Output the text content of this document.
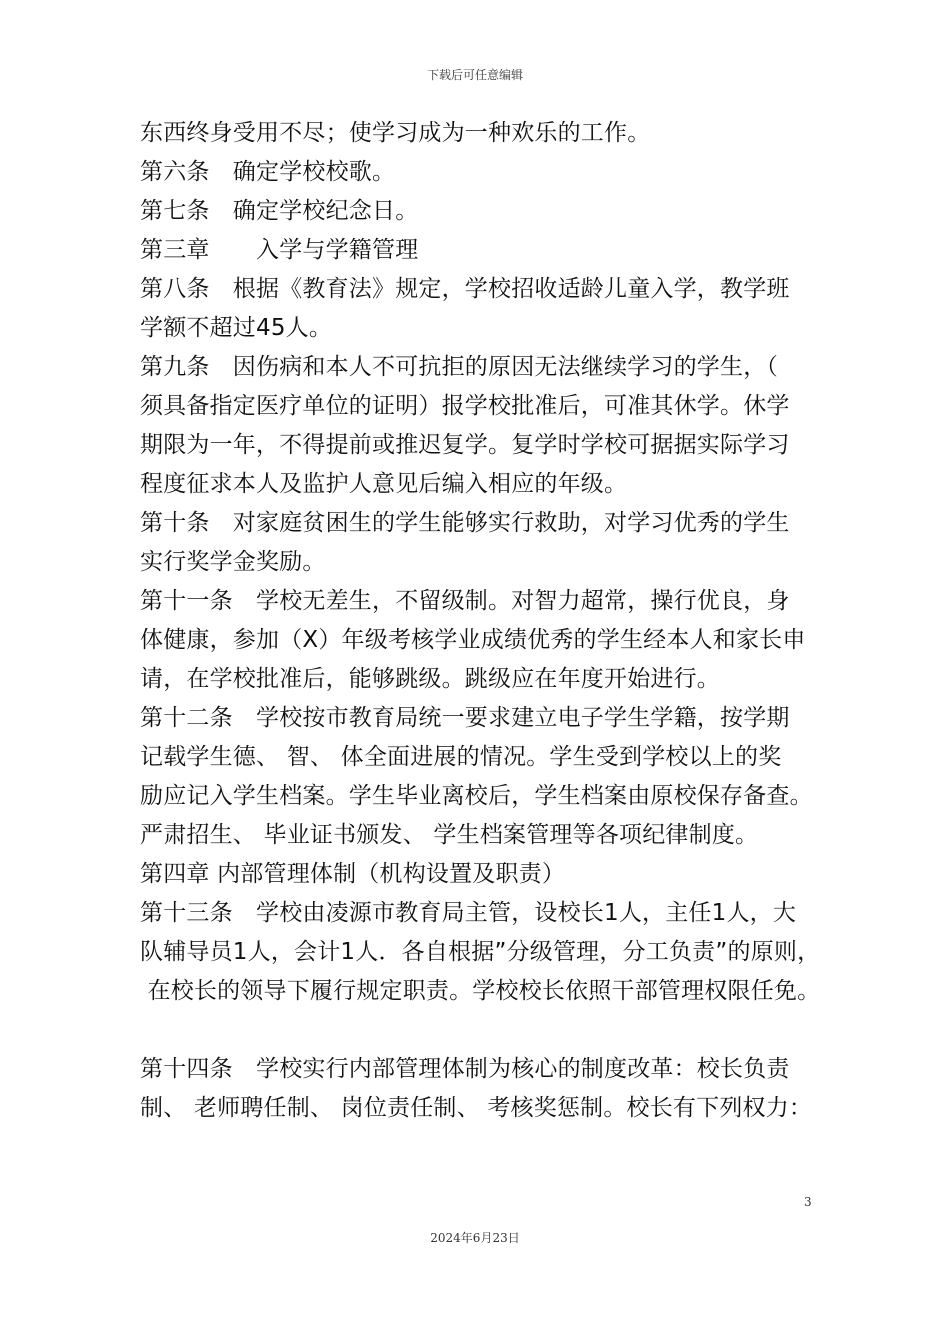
下载后可任意编辑
东西终身受用不尽；使学习成为一种欢乐的工作。
第六条　确定学校校歌。
第七条　确定学校纪念日。
第三章　　入学与学籍管理
第八条　根据《教育法》规定，学校招收适龄儿童入学，教学班
学额不超过45人。
第九条　因伤病和本人不可抗拒的原因无法继续学习的学生，（
须具备指定医疗单位的证明）报学校批准后，可准其休学。休学
期限为一年，不得提前或推迟复学。复学时学校可据据实际学习
程度征求本人及监护人意见后编入相应的年级。
第十条　对家庭贫困生的学生能够实行救助，对学习优秀的学生
实行奖学金奖励。
第十一条　学校无差生，不留级制。对智力超常，操行优良，身
体健康，参加（X）年级考核学业成绩优秀的学生经本人和家长申
请，在学校批准后，能够跳级。跳级应在年度开始进行。
第十二条　学校按市教育局统一要求建立电子学生学籍，按学期
记载学生德、 智、 体全面进展的情况。学生受到学校以上的奖
励应记入学生档案。学生毕业离校后，学生档案由原校保存备查。
严肃招生、 毕业证书颁发、 学生档案管理等各项纪律制度。
第四章 内部管理体制（机构设置及职责）
第十三条　学校由凌源市教育局主管，设校长1人，主任1人，大
队辅导员1人，会计1人．各自根据”分级管理，分工负责”的原则，
在校长的领导下履行规定职责。学校校长依照干部管理权限任免。
第十四条　学校实行内部管理体制为核心的制度改革：校长负责
制、 老师聘任制、 岗位责任制、 考核奖惩制。校长有下列权力：
3
2024年6月23日
